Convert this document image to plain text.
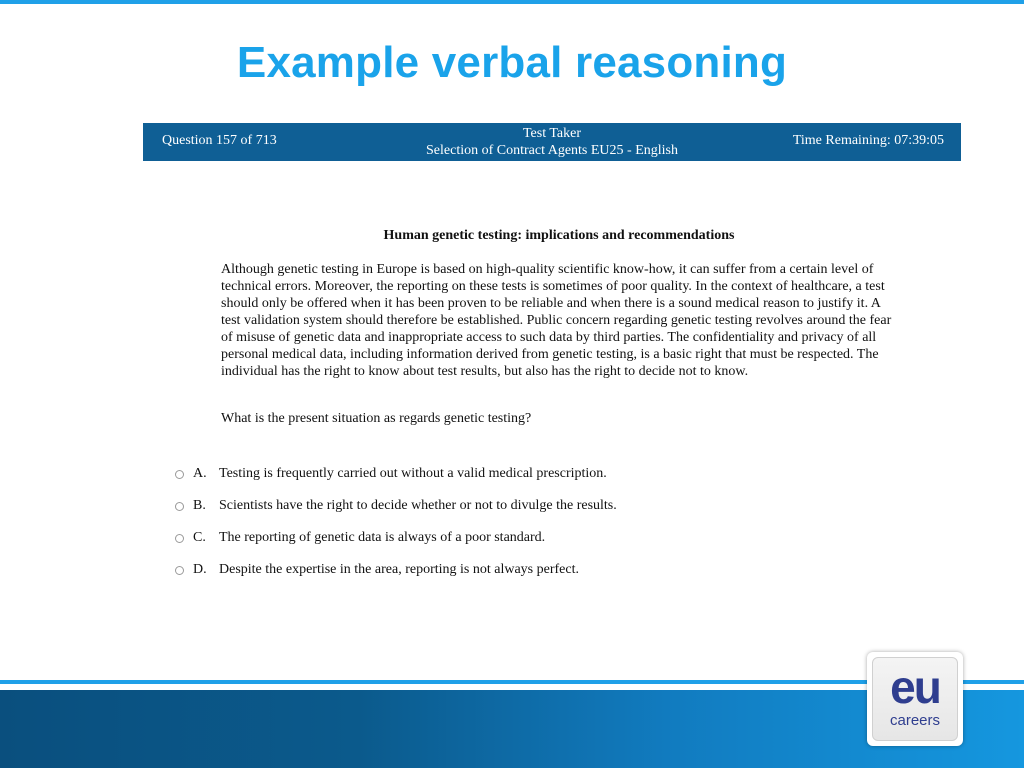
Example verbal reasoning
Question 157 of 713	Test Taker
Selection of Contract Agents EU25 - English
Time Remaining: 07:39:05
Human genetic testing: implications and recommendations
Although genetic testing in Europe is based on high-quality scientific know-how, it can suffer from a certain level of technical errors. Moreover, the reporting on these tests is sometimes of poor quality. In the context of healthcare, a test should only be offered when it has been proven to be reliable and when there is a sound medical reason to justify it. A test validation system should therefore be established. Public concern regarding genetic testing revolves around the fear of misuse of genetic data and inappropriate access to such data by third parties. The confidentiality and privacy of all personal medical data, including information derived from genetic testing, is a basic right that must be respected. The individual has the right to know about test results, but also has the right to decide not to know.
What is the present situation as regards genetic testing?
A. Testing is frequently carried out without a valid medical prescription.
B. Scientists have the right to decide whether or not to divulge the results.
C. The reporting of genetic data is always of a poor standard.
D. Despite the expertise in the area, reporting is not always perfect.
eu
careers
